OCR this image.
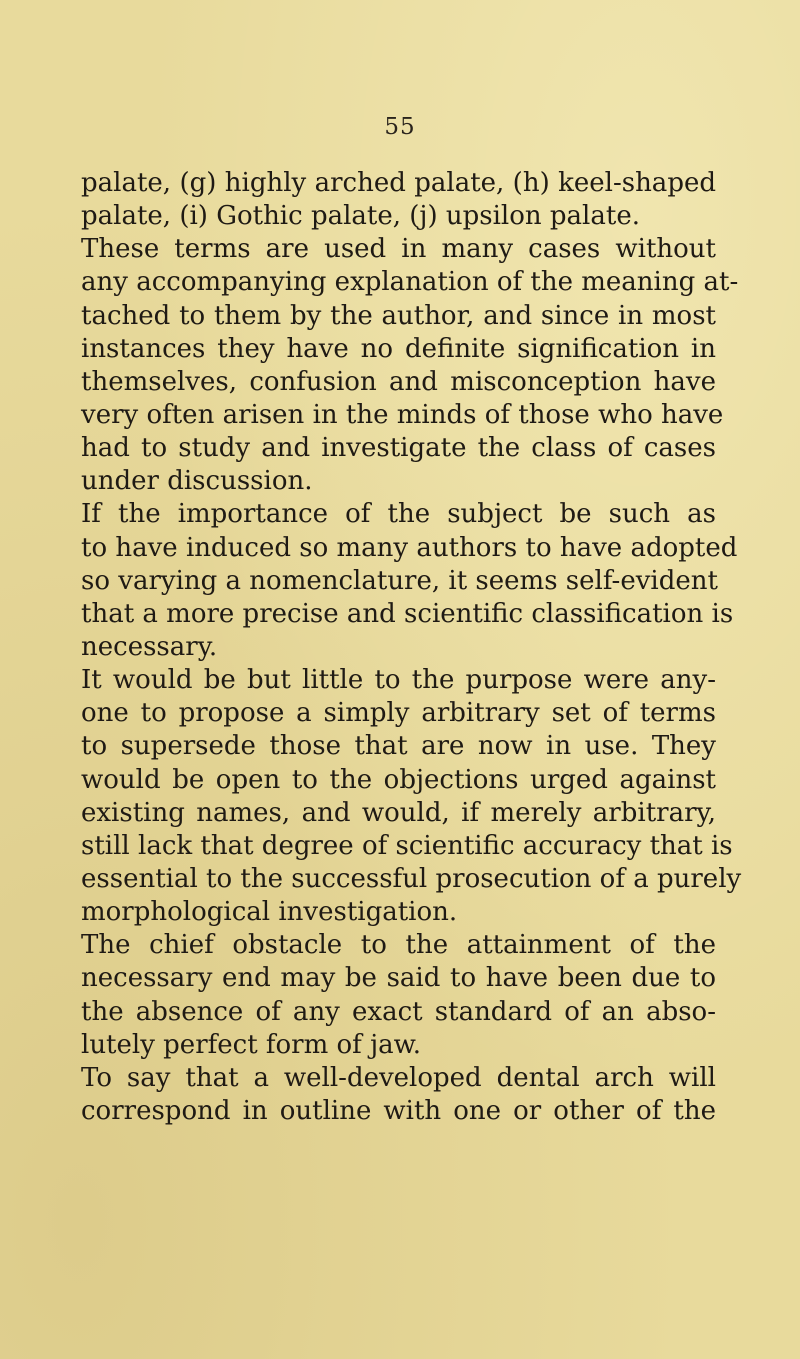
55
palate, (g) highly arched palate, (h) keel-shaped
palate, (i) Gothic palate, (j) upsilon palate.
These terms are used in many cases without
any accompanying explanation of the meaning at-
tached to them by the author, and since in most
instances they have no definite signification in
themselves, confusion and misconception have
very often arisen in the minds of those who have
had to study and investigate the class of cases
under discussion.
If the importance of the subject be such as
to have induced so many authors to have adopted
so varying a nomenclature, it seems self-evident
that a more precise and scientific classification is
necessary.
It would be but little to the purpose were any-
one to propose a simply arbitrary set of terms
to supersede those that are now in use. They
would be open to the objections urged against
existing names, and would, if merely arbitrary,
still lack that degree of scientific accuracy that is
essential to the successful prosecution of a purely
morphological investigation.
The chief obstacle to the attainment of the
necessary end may be said to have been due to
the absence of any exact standard of an abso-
lutely perfect form of jaw.
To say that a well-developed dental arch will
correspond in outline with one or other of the
